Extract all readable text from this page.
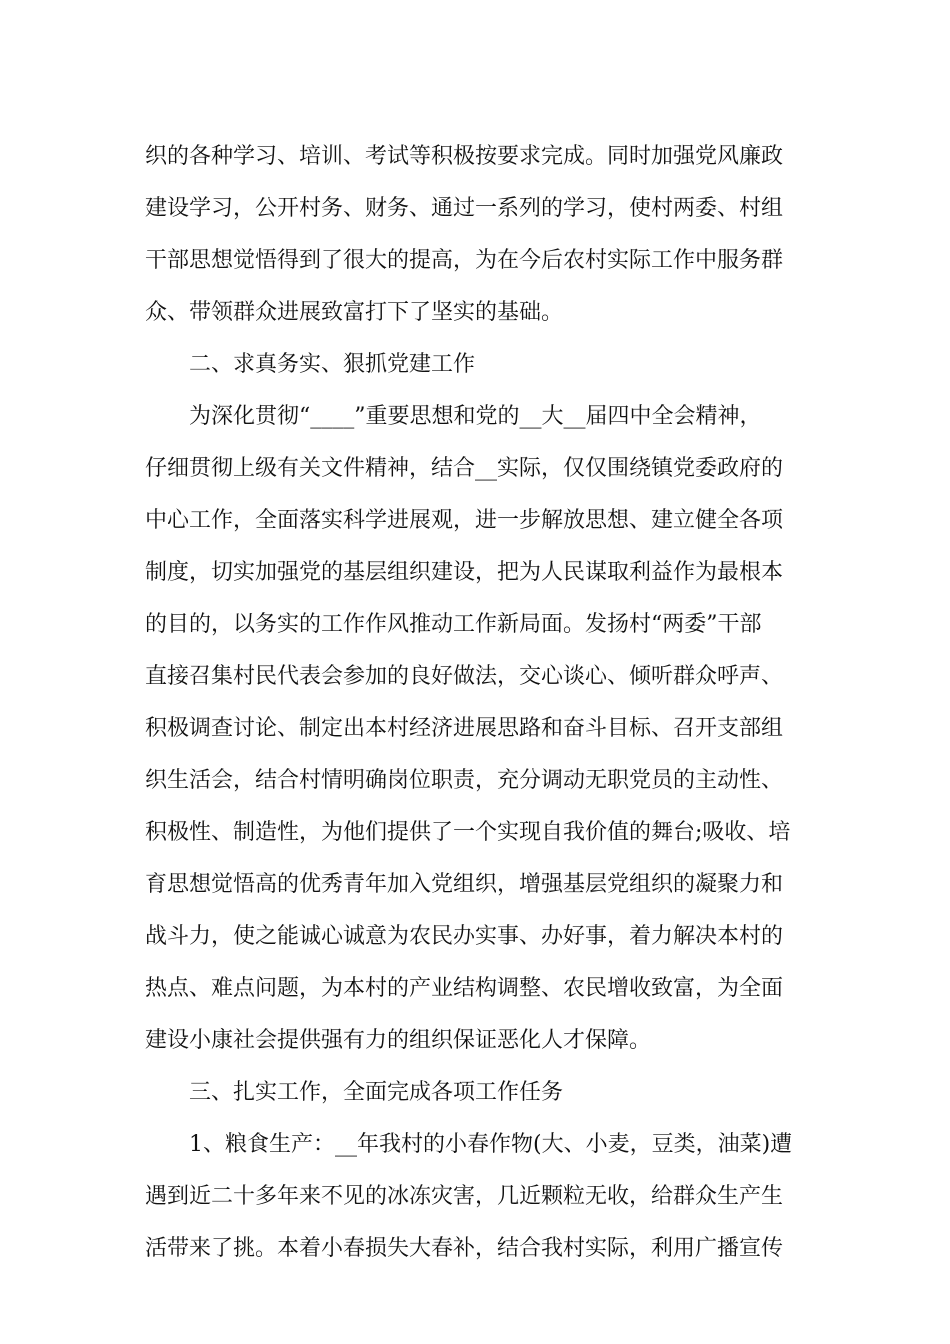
织的各种学习、培训、考试等积极按要求完成。同时加强党风廉政
建设学习，公开村务、财务、通过一系列的学习，使村两委、村组
干部思想觉悟得到了很大的提高，为在今后农村实际工作中服务群
众、带领群众进展致富打下了坚实的基础。
二、求真务实、狠抓党建工作
为深化贯彻“____”重要思想和党的__大__届四中全会精神，
仔细贯彻上级有关文件精神，结合__实际，仅仅围绕镇党委政府的
中心工作，全面落实科学进展观，进一步解放思想、建立健全各项
制度，切实加强党的基层组织建设，把为人民谋取利益作为最根本
的目的，以务实的工作作风推动工作新局面。发扬村“两委”干部
直接召集村民代表会参加的良好做法，交心谈心、倾听群众呼声、
积极调查讨论、制定出本村经济进展思路和奋斗目标、召开支部组
织生活会，结合村情明确岗位职责，充分调动无职党员的主动性、
积极性、制造性，为他们提供了一个实现自我价值的舞台;吸收、培
育思想觉悟高的优秀青年加入党组织，增强基层党组织的凝聚力和
战斗力，使之能诚心诚意为农民办实事、办好事，着力解决本村的
热点、难点问题，为本村的产业结构调整、农民增收致富，为全面
建设小康社会提供强有力的组织保证恶化人才保障。
三、扎实工作，全面完成各项工作任务
1、粮食生产：__年我村的小春作物(大、小麦，豆类，油菜)遭
遇到近二十多年来不见的冰冻灾害，几近颗粒无收，给群众生产生
活带来了挑。本着小春损失大春补，结合我村实际，利用广播宣传
